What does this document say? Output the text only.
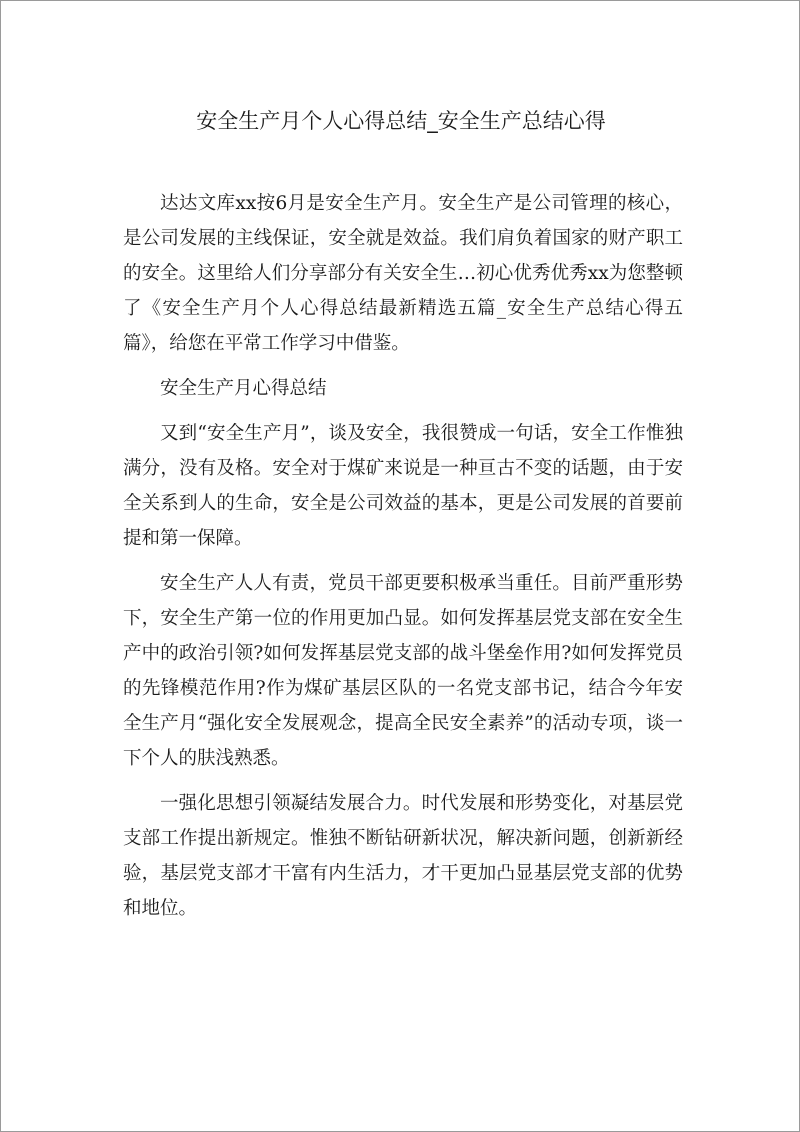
安全生产月个人心得总结_安全生产总结心得

达达文库xx按6月是安全生产月。安全生产是公司管理的核心，是公司发展的主线保证，安全就是效益。我们肩负着国家的财产职工的安全。这里给人们分享部分有关安全生…初心优秀优秀xx为您整顿了《安全生产月个人心得总结最新精选五篇_安全生产总结心得五篇》，给您在平常工作学习中借鉴。

安全生产月心得总结

又到“安全生产月”，谈及安全，我很赞成一句话，安全工作惟独满分，没有及格。安全对于煤矿来说是一种亘古不变的话题，由于安全关系到人的生命，安全是公司效益的基本，更是公司发展的首要前提和第一保障。

安全生产人人有责，党员干部更要积极承当重任。目前严重形势下，安全生产第一位的作用更加凸显。如何发挥基层党支部在安全生产中的政治引领?如何发挥基层党支部的战斗堡垒作用?如何发挥党员的先锋模范作用?作为煤矿基层区队的一名党支部书记，结合今年安全生产月“强化安全发展观念，提高全民安全素养”的活动专项，谈一下个人的肤浅熟悉。

一强化思想引领凝结发展合力。时代发展和形势变化，对基层党支部工作提出新规定。惟独不断钻研新状况，解决新问题，创新新经验，基层党支部才干富有内生活力，才干更加凸显基层党支部的优势和地位。
